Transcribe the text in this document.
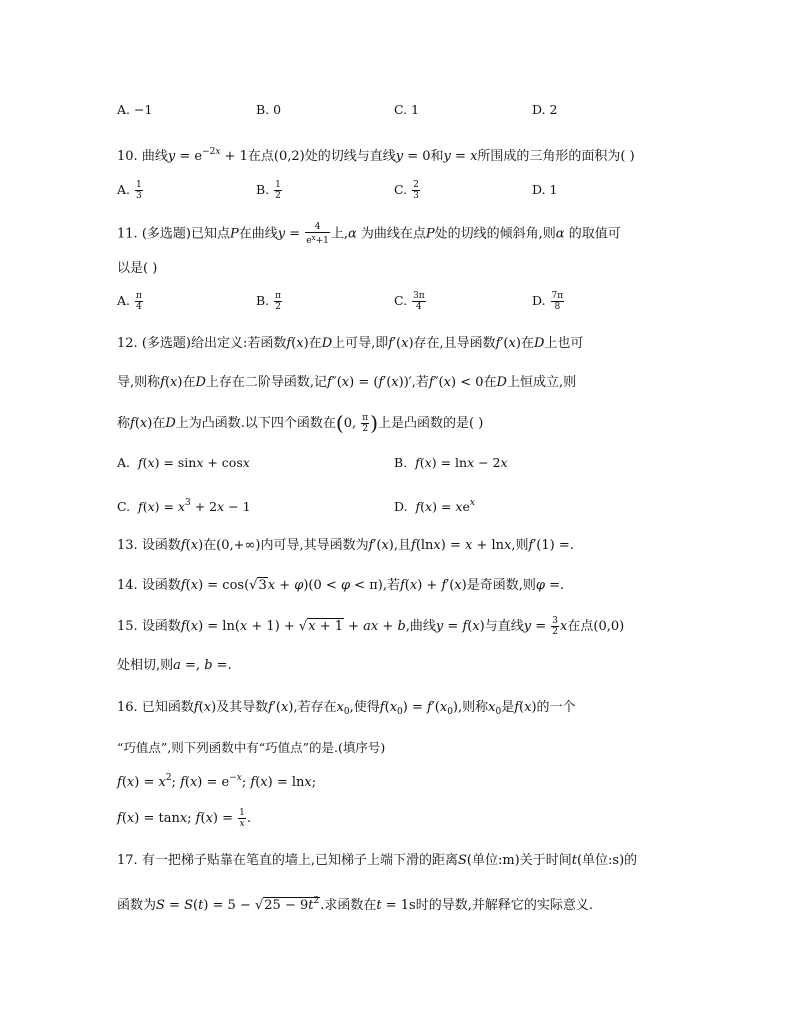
A. −1	B. 0	C. 1	D. 2
10. 曲线$y = e^{-2x} + 1$在点(0,2)处的切线与直线y = 0和y = x所围成的三角形的面积为( )
A. $\frac{1}{3}$	B. $\frac{1}{2}$	C. $\frac{2}{3}$	D. 1
11. (多选题)已知点P在曲线$y = \frac{4}{e^x+1}$ 上,α 为曲线在点P处的切线的倾斜角,则α 的取值可
以是( )
A. $\frac{\pi}{4}$	B. $\frac{\pi}{2}$	C. $\frac{3\pi}{4}$	D. $\frac{7\pi}{8}$
12. (多选题)给出定义:若函数f(x)在D上可导,即f′(x)存在,且导函数f′(x)在D上也可
导,则称f(x)在D上存在二阶导函数,记f″(x) = (f′(x))′,若f″(x) < 0在D上恒成立,则
称f(x)在D上为凸函数.以下四个函数在(0, $\frac{\pi}{2}$ )上是凸函数的是( )
A. f(x) = sinx + cosx	B. f(x) = lnx − 2x
C. $f(x) = x^3 + 2x - 1$	D. $f(x) = xe^x$
13. 设函数f(x)在(0,+∞)内可导,其导函数为f′(x),且f(lnx) = x + lnx,则f′(1) =.
14. 设函数f(x) = cos(√3x + φ)(0 < φ < π),若f(x) + f′(x)是奇函数,则φ =.
15. 设函数f(x) = ln(x + 1) + √x + 1 + ax + b,曲线y = f(x)与直线$y = \frac{3}{2}$ x在点(0,0)
处相切,则a =, b =.
16. 已知函数f(x)及其导数f′(x),若存在$x_0$,使得$f(x_0) = f'(x_0)$,则称$x_0$是f(x)的一个
“巧值点”,则下列函数中有“巧值点”的是.(填序号)
$f(x) = x^2$; $f(x) = e^{-x}$; f(x) = lnx;
f(x) = tanx; $f(x) = \frac{1}{x}$ .
17. 有一把梯子贴靠在笔直的墙上,已知梯子上端下滑的距离S(单位:m)关于时间t(单位:s)的
函数为$S = S(t) = 5 - √25 - 9t^2$.求函数在t = 1s时的导数,并解释它的实际意义.
